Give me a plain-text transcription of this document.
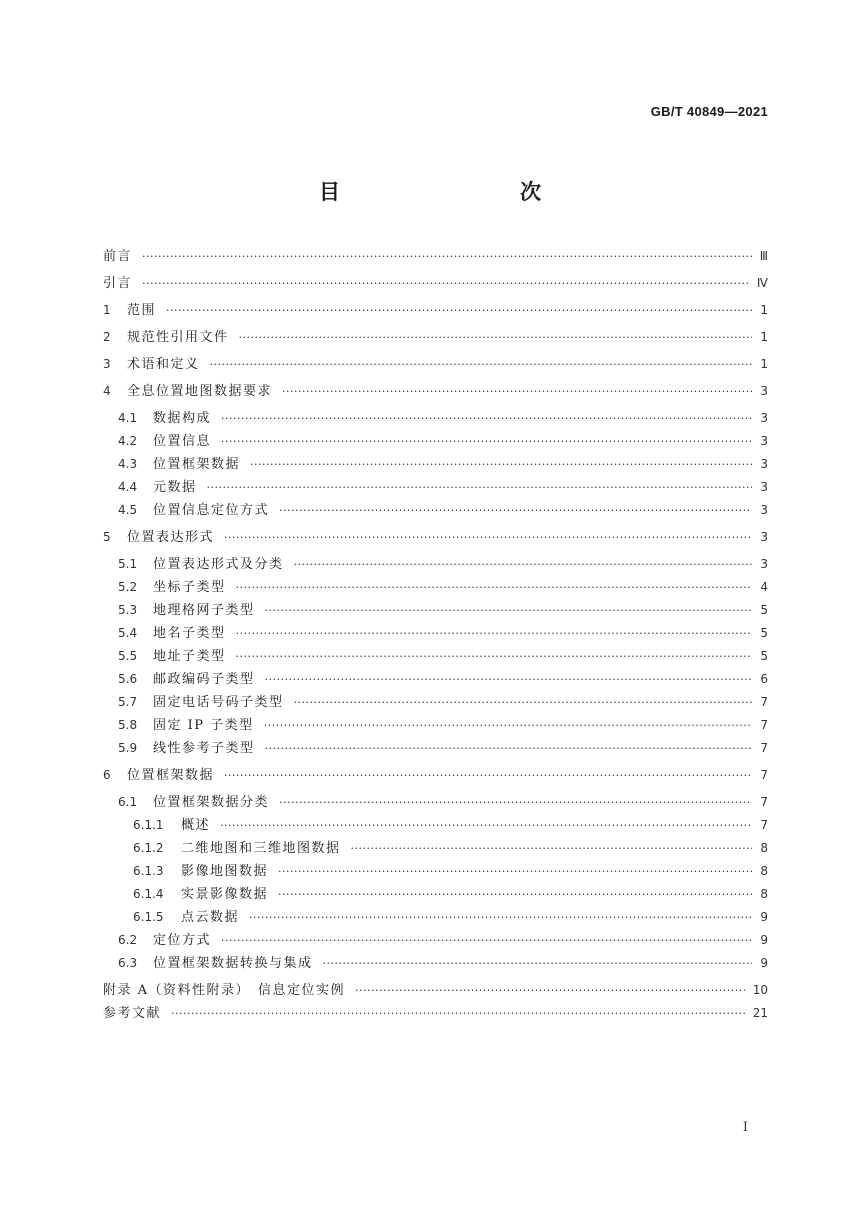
GB/T 40849—2021
目　　次
前言 ·····	Ⅲ
引言 ·····	Ⅳ
1	范围 ·····	1
2	规范性引用文件 ·····	1
3	术语和定义 ·····	1
4	全息位置地图数据要求 ·····	3
4.1	数据构成 ·····	3
4.2	位置信息 ·····	3
4.3	位置框架数据 ·····	3
4.4	元数据 ·····	3
4.5	位置信息定位方式 ·····	3
5	位置表达形式 ·····	3
5.1	位置表达形式及分类 ·····	3
5.2	坐标子类型 ·····	4
5.3	地理格网子类型 ·····	5
5.4	地名子类型 ·····	5
5.5	地址子类型 ·····	5
5.6	邮政编码子类型 ·····	6
5.7	固定电话号码子类型 ·····	7
5.8	固定 IP 子类型 ·····	7
5.9	线性参考子类型 ·····	7
6	位置框架数据 ·····	7
6.1	位置框架数据分类 ·····	7
6.1.1	概述 ·····	7
6.1.2	二维地图和三维地图数据 ·····	8
6.1.3	影像地图数据 ·····	8
6.1.4	实景影像数据 ·····	8
6.1.5	点云数据 ·····	9
6.2	定位方式 ·····	9
6.3	位置框架数据转换与集成 ·····	9
附录 A（资料性附录）　信息定位实例 ·····	10
参考文献 ·····	21
I
